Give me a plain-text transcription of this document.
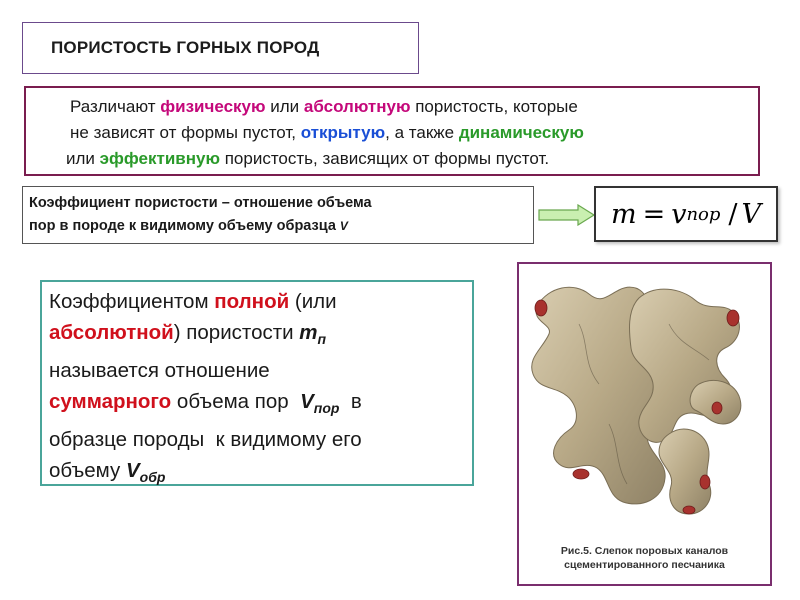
ПОРИСТОСТЬ ГОРНЫХ ПОРОД
Различают физическую или абсолютную пористость, которые
не зависят от формы пустот, открытую, а также динамическую
или эффективную пористость, зависящих от формы пустот.
Коэффициент пористости – отношение объема
пор в породе к видимому объему образца V	m = v пор / V
Коэффициентом полной (или
абсолютной) пористости $m_п$
называется отношение
суммарного объема пор  $V_{пор}$  в
образце породы  к видимому его
объему $V_{обр}$
Рис.5. Слепок поровых каналов
сцементированного песчаника
